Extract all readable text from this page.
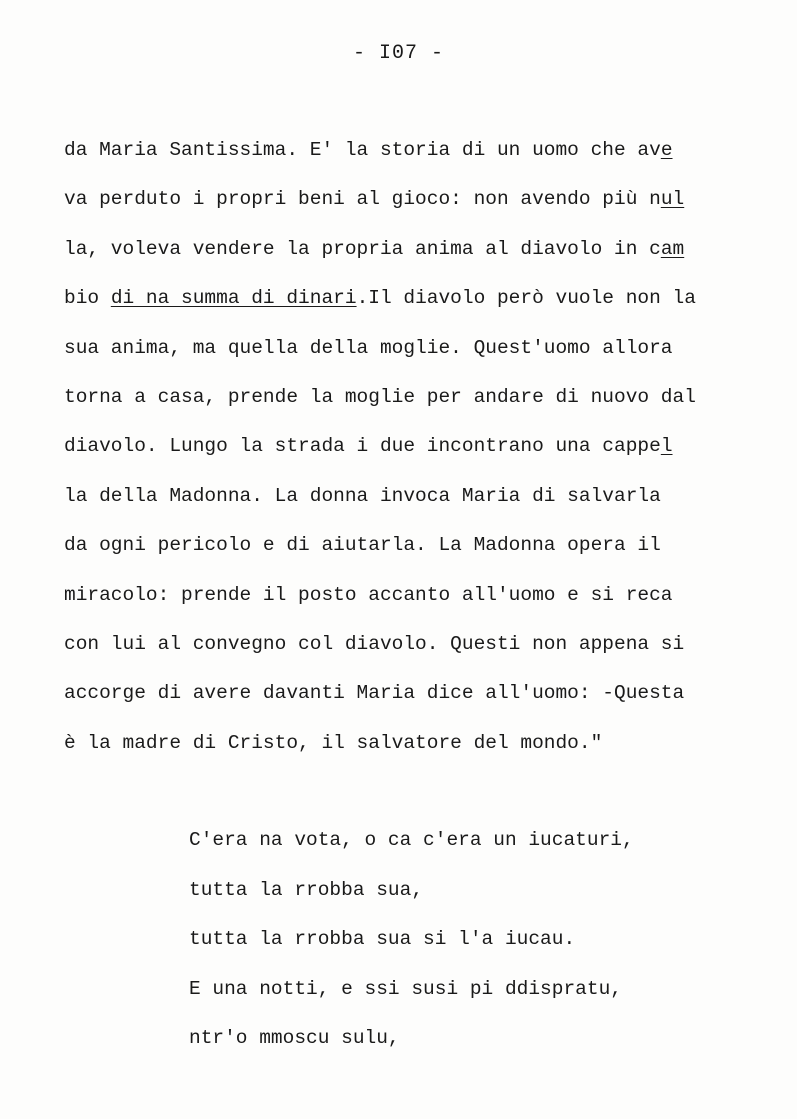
- I07 -
da Maria Santissima. E' la storia di un uomo che ave
va perduto i propri beni al gioco: non avendo più nul
la, voleva vendere la propria anima al diavolo in cam
bio di na summa di dinari.Il diavolo però vuole non la
sua anima, ma quella della moglie. Quest'uomo allora
torna a casa, prende la moglie per andare di nuovo dal
diavolo. Lungo la strada i due incontrano una cappel
la della Madonna. La donna invoca Maria di salvarla
da ogni pericolo e di aiutarla. La Madonna opera il
miracolo: prende il posto accanto all'uomo e si reca
con lui al convegno col diavolo. Questi non appena si
accorge di avere davanti Maria dice all'uomo: -Questa
è la madre di Cristo, il salvatore del mondo."
C'era na vota, o ca c'era un iucaturi,
tutta la rrobba sua,
tutta la rrobba sua si l'a iucau.
E una notti, e ssi susi pi ddispratu,
ntr'o mmoscu sulu,
